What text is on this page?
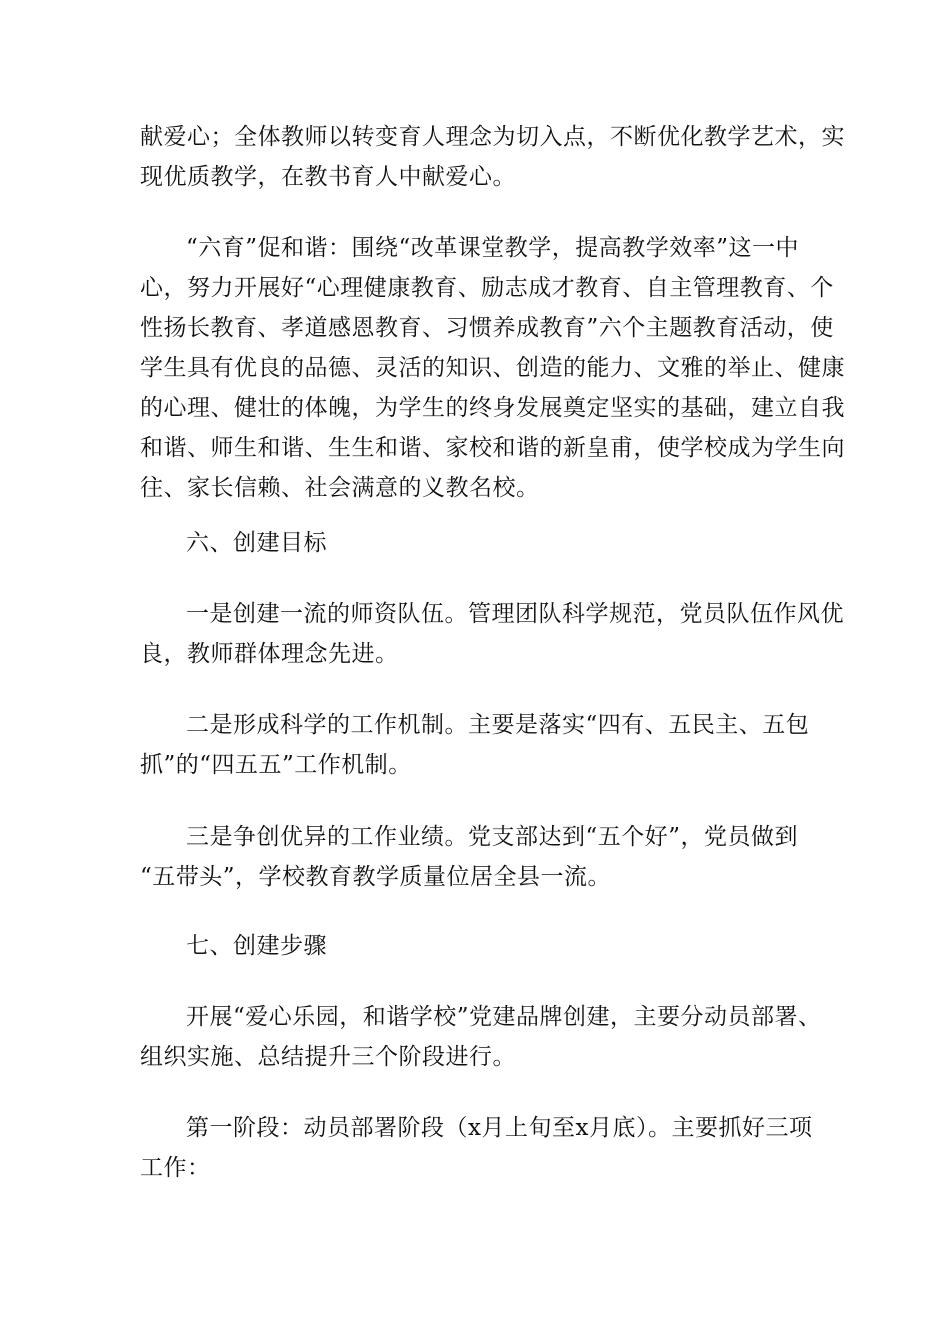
献爱心；全体教师以转变育人理念为切入点，不断优化教学艺术，实
现优质教学，在教书育人中献爱心。
“六育”促和谐：围绕“改革课堂教学，提高教学效率”这一中
心，努力开展好“心理健康教育、励志成才教育、自主管理教育、个
性扬长教育、孝道感恩教育、习惯养成教育”六个主题教育活动，使
学生具有优良的品德、灵活的知识、创造的能力、文雅的举止、健康
的心理、健壮的体魄，为学生的终身发展奠定坚实的基础，建立自我
和谐、师生和谐、生生和谐、家校和谐的新皇甫，使学校成为学生向
往、家长信赖、社会满意的义教名校。
六、创建目标
一是创建一流的师资队伍。管理团队科学规范，党员队伍作风优
良，教师群体理念先进。
二是形成科学的工作机制。主要是落实“四有、五民主、五包
抓”的“四五五”工作机制。
三是争创优异的工作业绩。党支部达到“五个好”，党员做到
“五带头”，学校教育教学质量位居全县一流。
七、创建步骤
开展“爱心乐园，和谐学校”党建品牌创建，主要分动员部署、
组织实施、总结提升三个阶段进行。
第一阶段：动员部署阶段（x月上旬至x月底）。主要抓好三项
工作：
